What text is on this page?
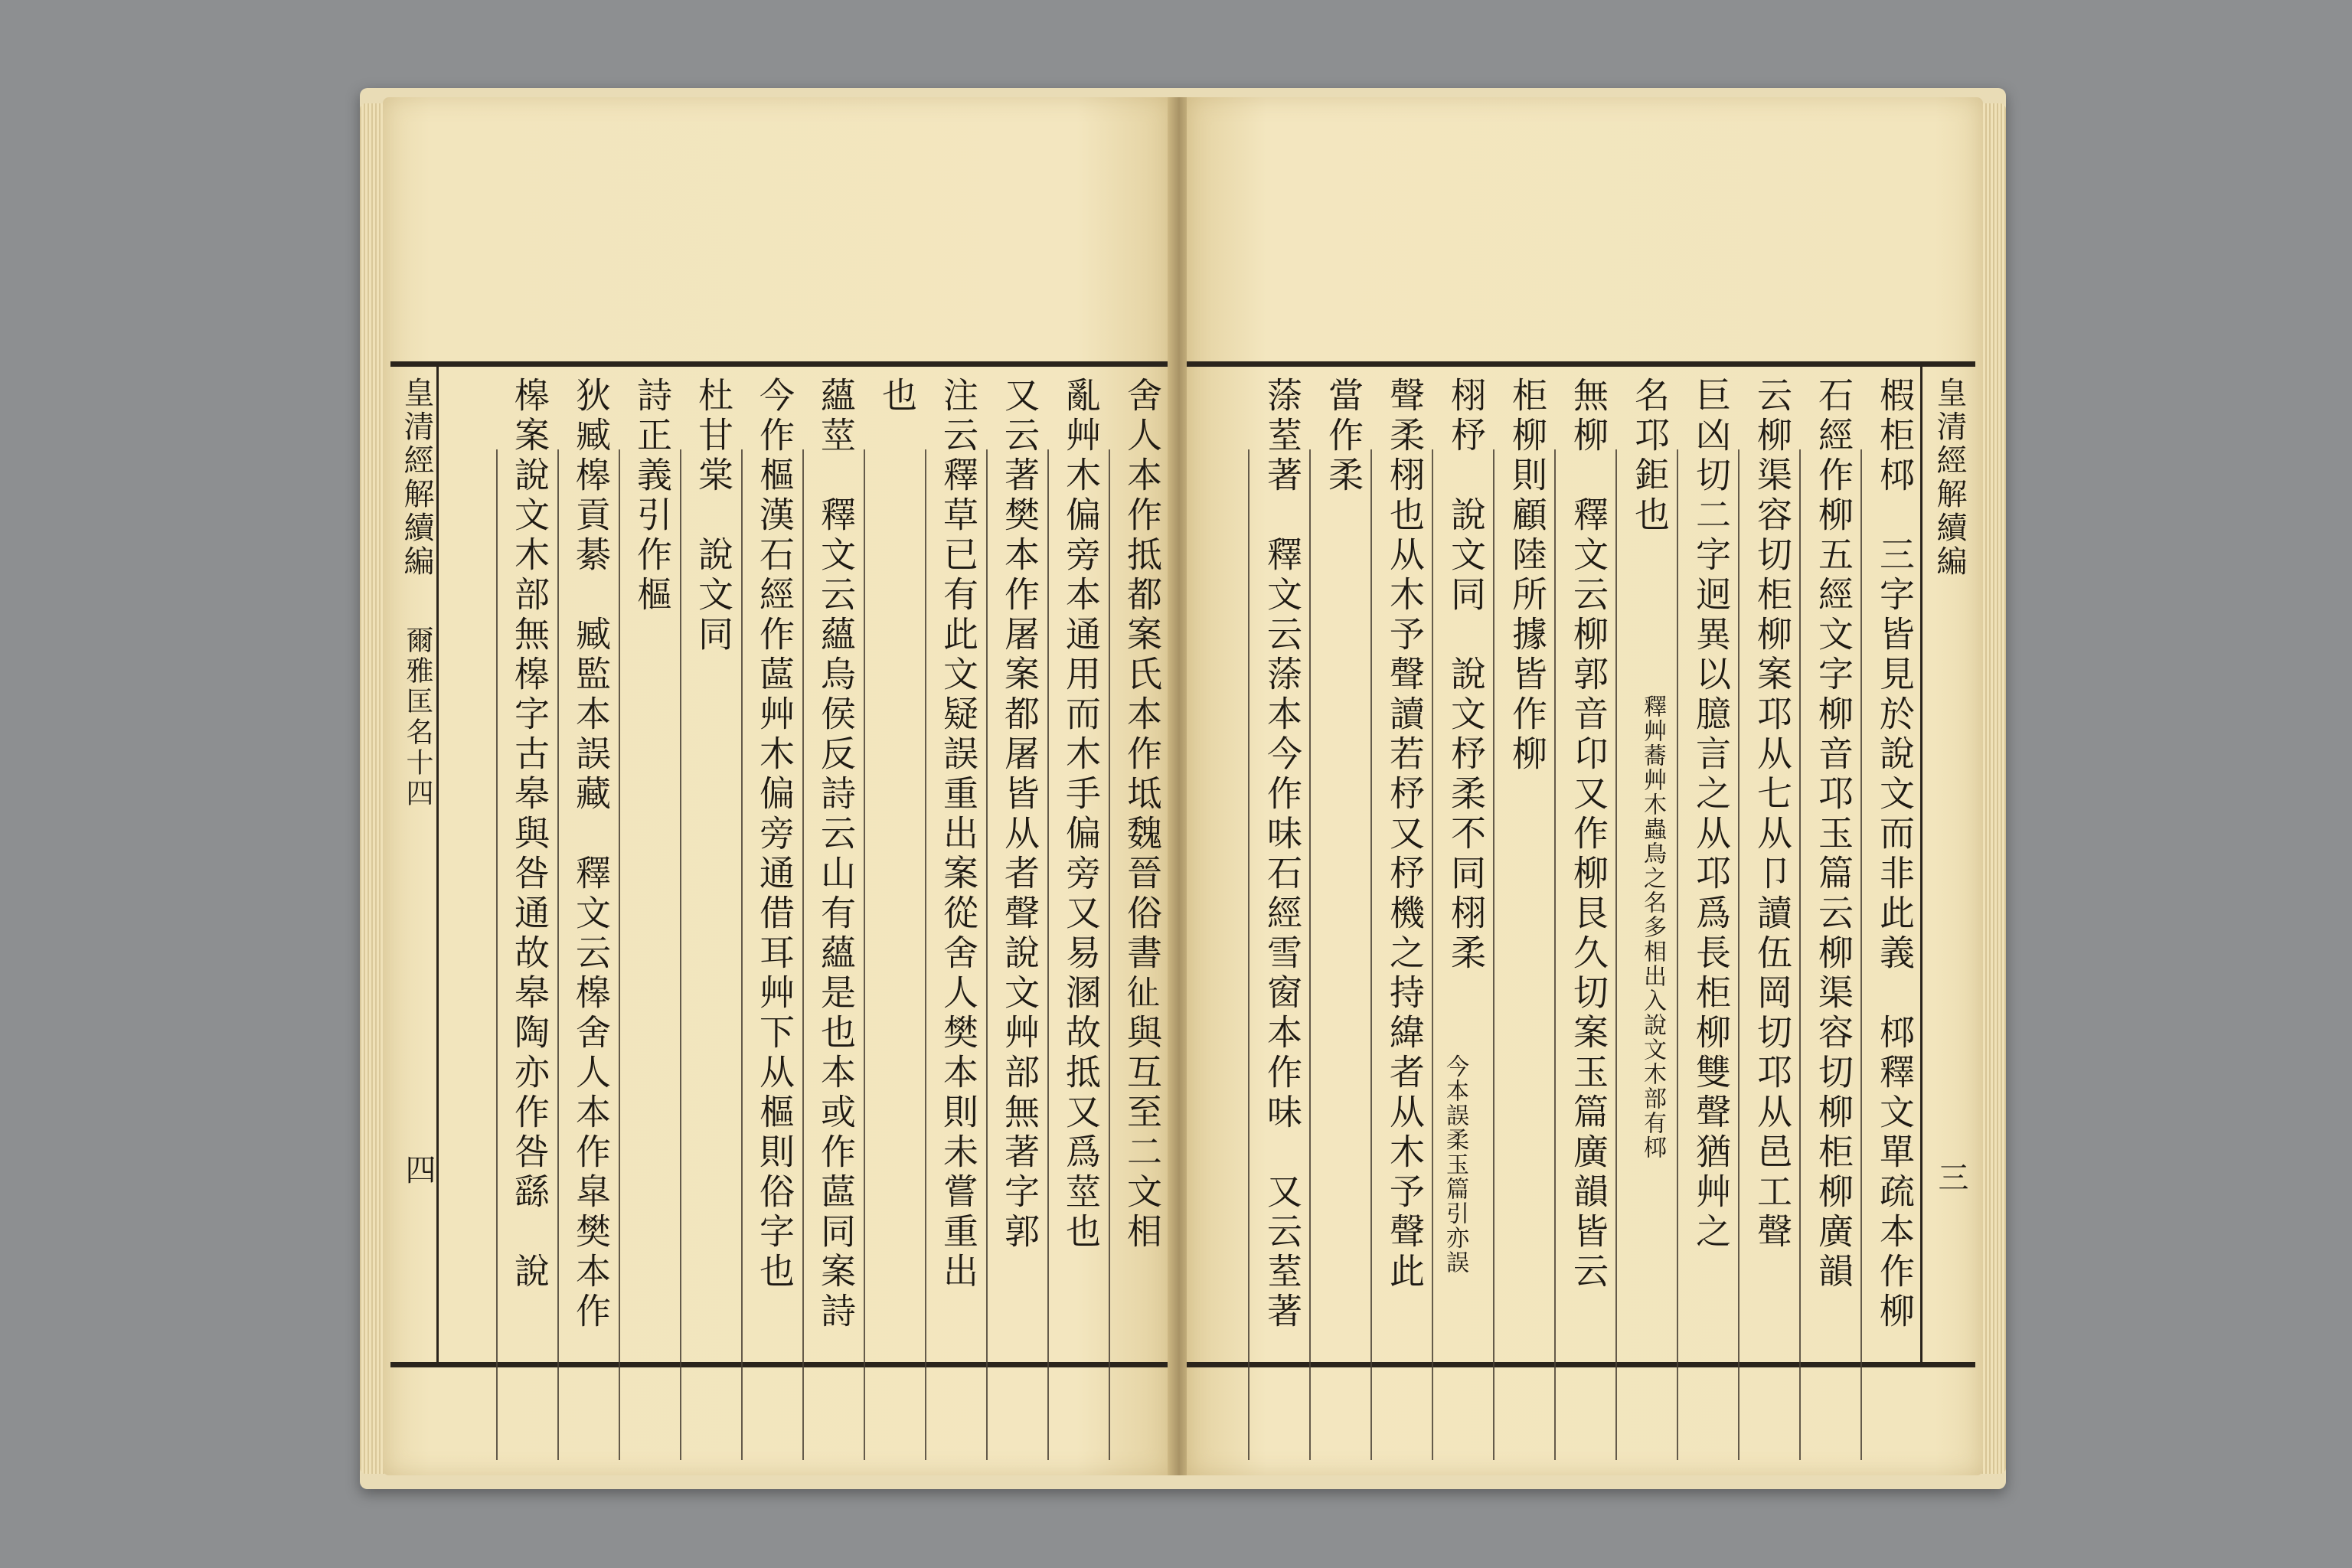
皇清經解續編
爾雅匡名十四
四	舍人本作抵都案氏本作坻魏晉俗書𢓊與互至二文相
亂艸木偏旁本通用而木手偏旁又易溷故抵又爲莖也
又云著樊本作屠案都屠皆从者聲說文艸部無著字郭
注云釋草已有此文疑誤重出案從舍人樊本則未嘗重出
也
蘊莖　釋文云蘊烏侯反詩云山有蘊是也本或作蓲同案詩
今作樞漢石經作蓲艸木偏旁通借耳艸下从樞則俗字也
杜甘棠　說文同
詩正義引作樞
狄臧槔貢綦　臧監本誤藏　釋文云槔舍人本作皐樊本作
槔案說文木部無槔字古皋與咎通故皋陶亦作咎繇　說	皇清經解續編
三
椵柜桏　三字皆見於說文而非此義　桏釋文單疏本作柳
石經作柳五經文字柳音邛玉篇云柳渠容切柳柜柳廣韻
云柳渠容切柜柳案邛从七从卩讀伍岡切邛从邑工聲
巨凶切二字迥異以臆言之从邛爲長柜柳雙聲猶艸之
名邛鉅也
釋艸蕎艸木蟲鳥之名多相出入說文木部有桏
無柳　釋文云柳郭音卬又作柳艮久切案玉篇廣韻皆云
柜柳則顧陸所據皆作柳
栩杼　說文同　說文杼柔不同栩柔
今本誤柔玉篇引亦誤
聲柔栩也从木予聲讀若杼又杼機之持緯者从木予聲此
當作柔
蒤荎著　釋文云蒤本今作味石經雪窗本作味　又云荎著
